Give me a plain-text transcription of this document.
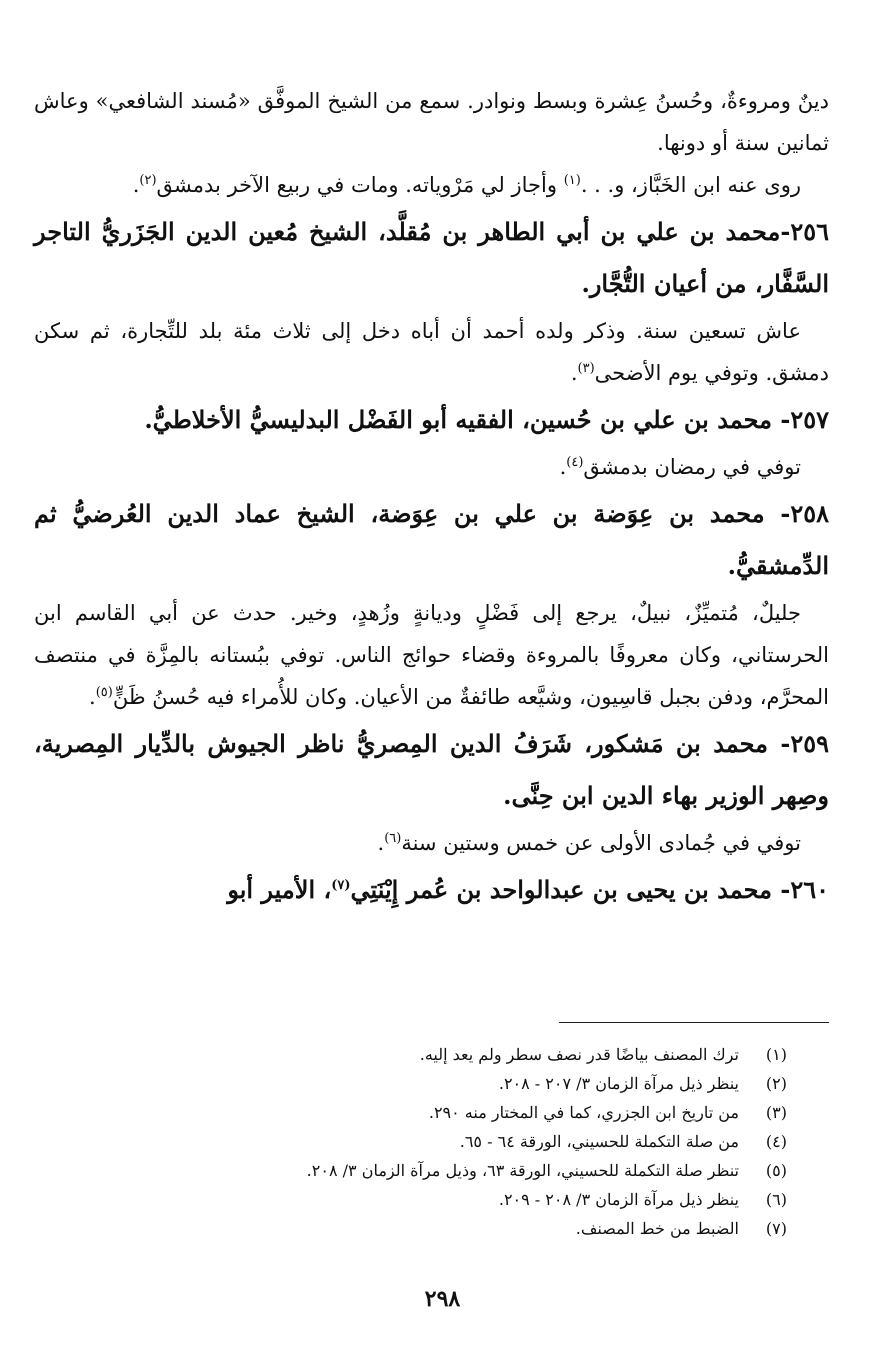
دينٌ ومروءةٌ، وحُسنُ عِشرة وبسط ونوادر. سمع من الشيخ الموفَّق «مُسند الشافعي» وعاش ثمانين سنة أو دونها.

روى عنه ابن الخَبَّاز، و. . .$^{(١)}$ وأجاز لي مَرْوياته. ومات في ربيع الآخر بدمشق$^{(٢)}$.

٢٥٦-محمد بن علي بن أبي الطاهر بن مُقلَّد، الشيخ مُعين الدين الجَزَريُّ التاجر السَّفَّار، من أعيان التُّجَّار.

عاش تسعين سنة. وذكر ولده أحمد أن أباه دخل إلى ثلاث مئة بلد للتِّجارة، ثم سكن دمشق. وتوفي يوم الأضحى$^{(٣)}$.

٢٥٧- محمد بن علي بن حُسين، الفقيه أبو الفَضْل البدليسيُّ الأخلاطيُّ.

توفي في رمضان بدمشق$^{(٤)}$.

٢٥٨- محمد بن عِوَضة بن علي بن عِوَضة، الشيخ عماد الدين العُرضيُّ ثم الدِّمشقيُّ.

جليلٌ، مُتميِّزٌ، نبيلٌ، يرجع إلى فَضْلٍ وديانةٍ وزُهدٍ، وخير. حدث عن أبي القاسم ابن الحرستاني، وكان معروفًا بالمروءة وقضاء حوائج الناس. توفي ببُستانه بالمِزَّة في منتصف المحرَّم، ودفن بجبل قاسِيون، وشيَّعه طائفةٌ من الأعيان. وكان للأُمراء فيه حُسنُ ظَنٍّ$^{(٥)}$.

٢٥٩- محمد بن مَشكور، شَرَفُ الدين المِصريُّ ناظر الجيوش بالدِّيار المِصرية، وصِهر الوزير بهاء الدين ابن حِنَّى.

توفي في جُمادى الأولى عن خمس وستين سنة$^{(٦)}$.

٢٦٠- محمد بن يحيى بن عبدالواحد بن عُمر إِيْنَتِي$^{(٧)}$، الأمير أبو

(١)
ترك المصنف بياضًا قدر نصف سطر ولم يعد إليه.
(٢)
ينظر ذيل مرآة الزمان ٣/ ٢٠٧ - ٢٠٨.
(٣)
من تاريخ ابن الجزري، كما في المختار منه ٢٩٠.
(٤)
من صلة التكملة للحسيني، الورقة ٦٤ - ٦٥.
(٥)
تنظر صلة التكملة للحسيني، الورقة ٦٣، وذيل مرآة الزمان ٣/ ٢٠٨.
(٦)
ينظر ذيل مرآة الزمان ٣/ ٢٠٨ - ٢٠٩.
(٧)
الضبط من خط المصنف.
٢٩٨
